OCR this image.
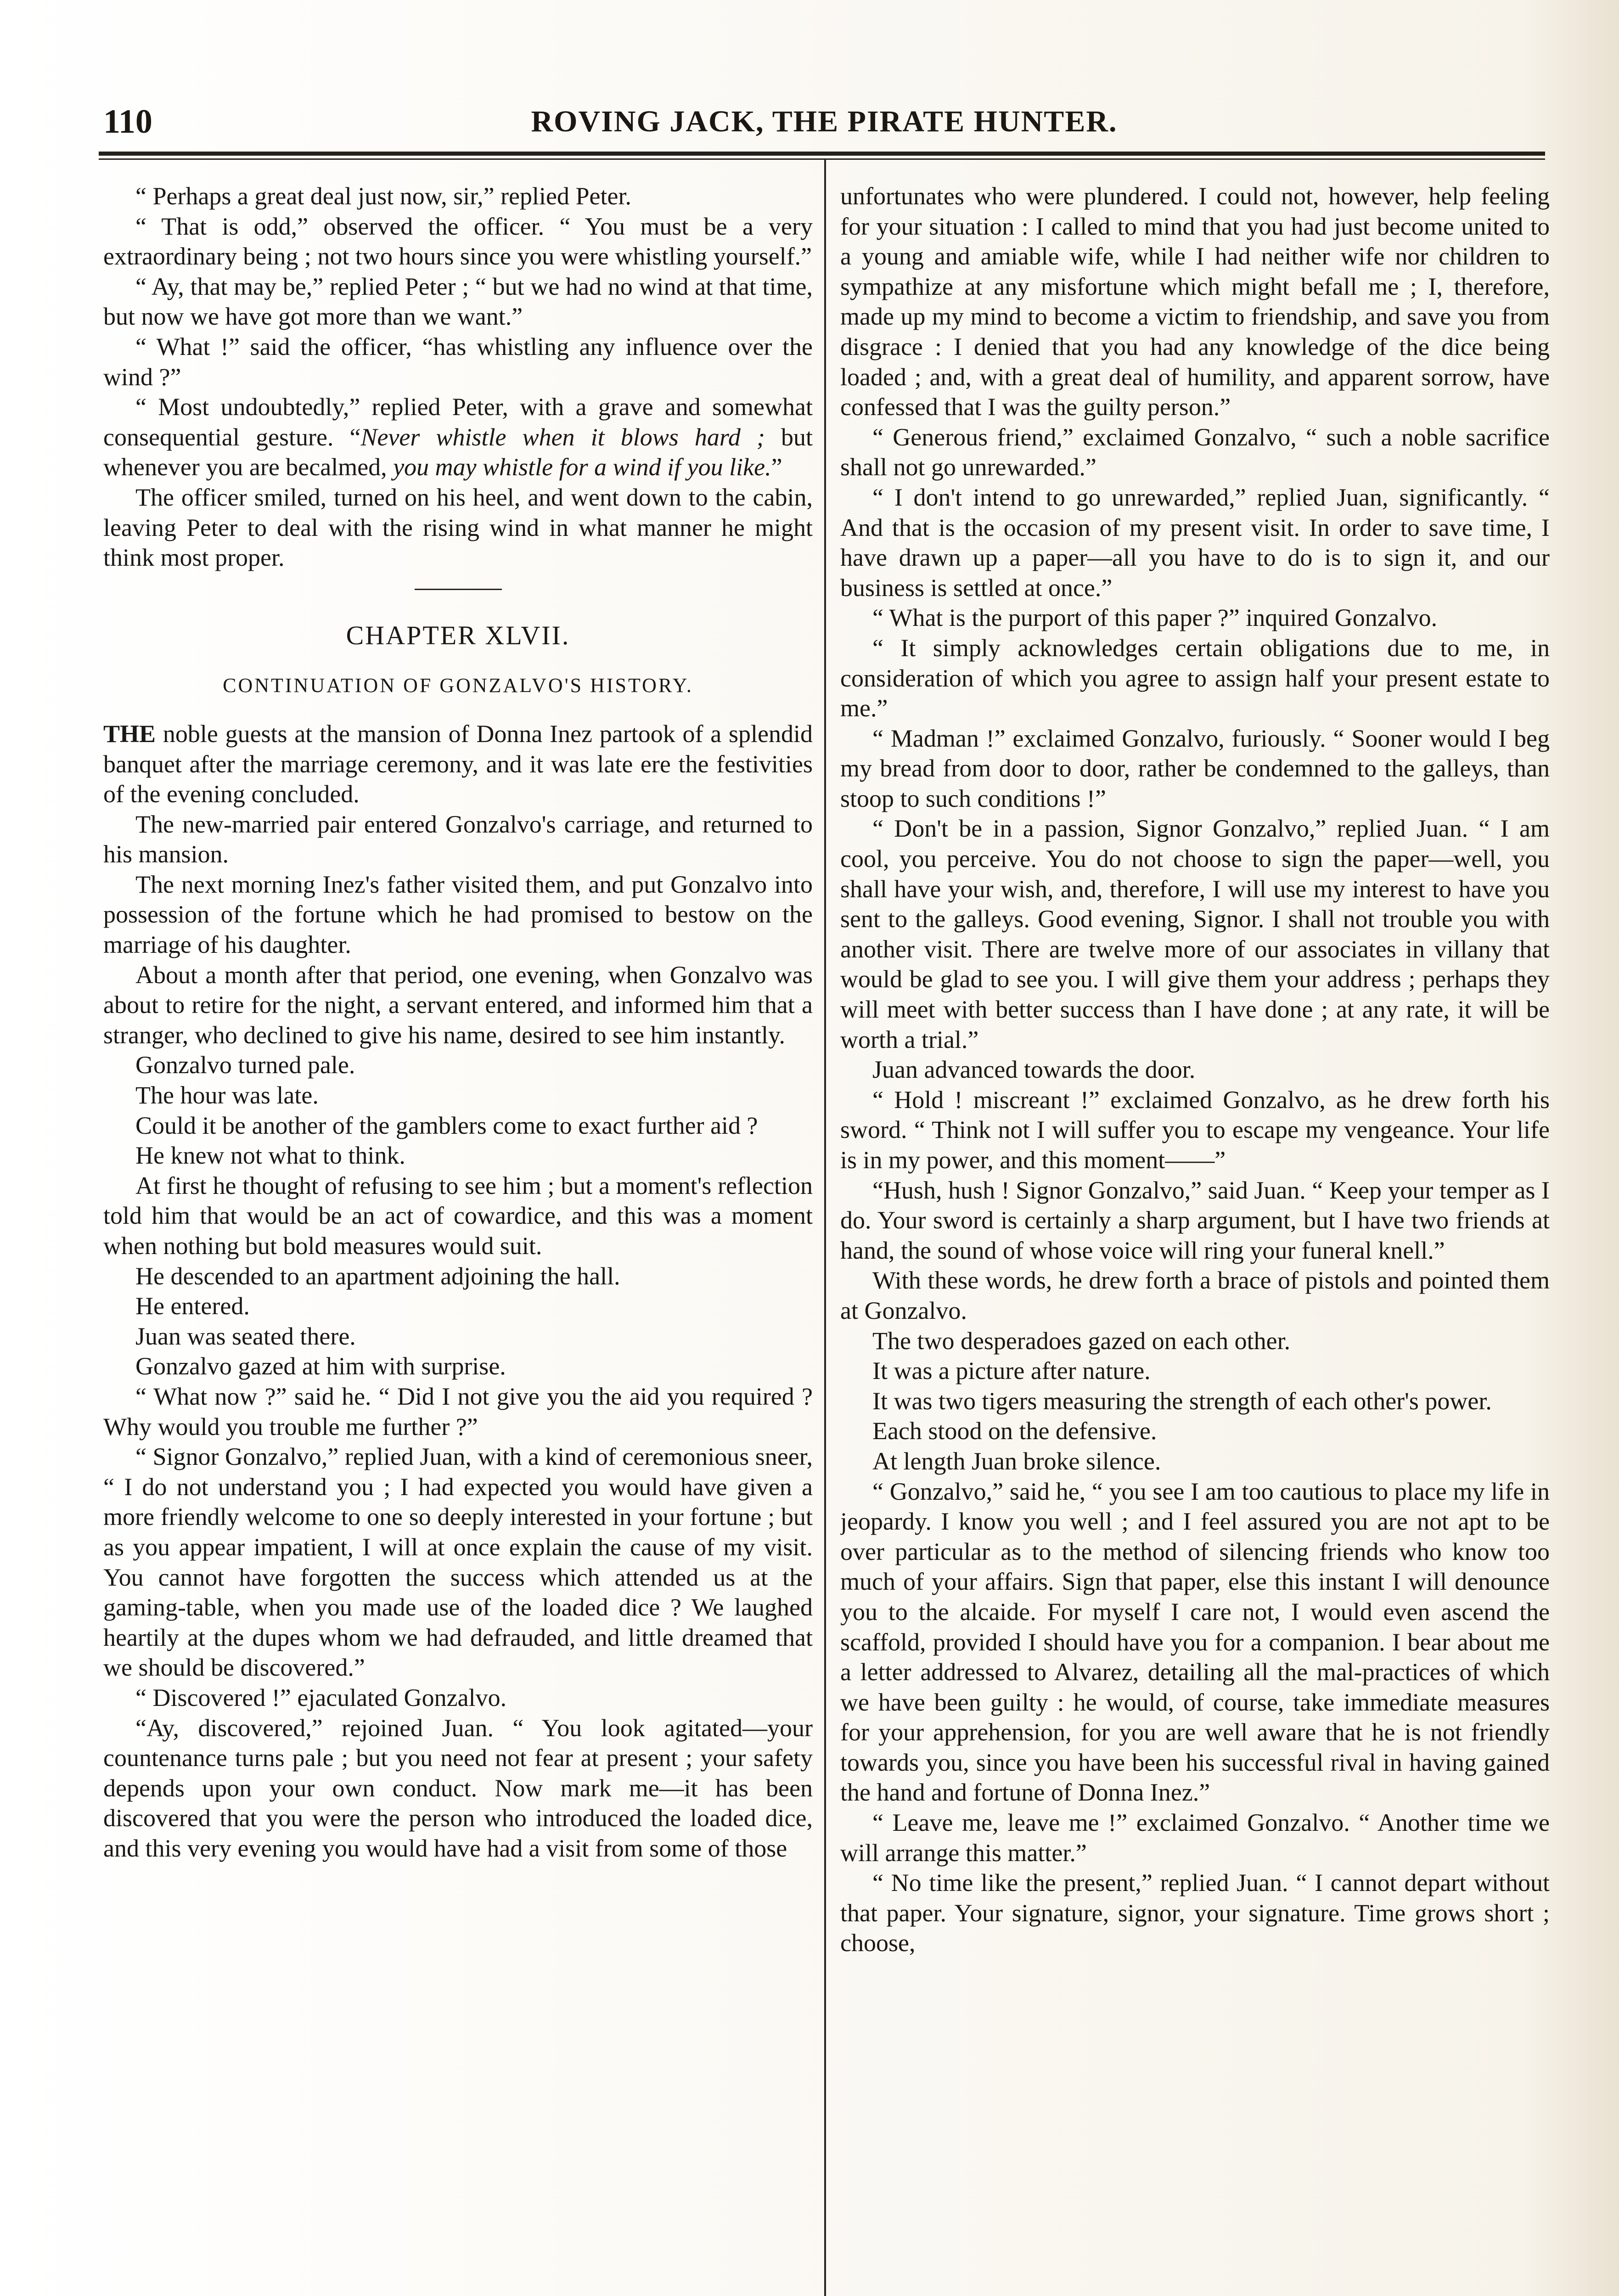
110	ROVING JACK, THE PIRATE HUNTER.

“ Perhaps a great deal just now, sir,” replied Peter.

“ That is odd,” observed the officer. “ You must be a very extraordinary being ; not two hours since you were whistling yourself.”

“ Ay, that may be,” replied Peter ; “ but we had no wind at that time, but now we have got more than we want.”

“ What !” said the officer, “has whistling any influence over the wind ?”

“ Most undoubtedly,” replied Peter, with a grave and somewhat consequential gesture. “Never whistle when it blows hard ; but whenever you are becalmed, you may whistle for a wind if you like.”

The officer smiled, turned on his heel, and went down to the cabin, leaving Peter to deal with the rising wind in what manner he might think most proper.

CHAPTER XLVII.

CONTINUATION OF GONZALVO'S HISTORY.

THE noble guests at the mansion of Donna Inez partook of a splendid banquet after the marriage ceremony, and it was late ere the festivities of the evening concluded.

The new-married pair entered Gonzalvo's carriage, and returned to his mansion.

The next morning Inez's father visited them, and put Gonzalvo into possession of the fortune which he had promised to bestow on the marriage of his daughter.

About a month after that period, one evening, when Gonzalvo was about to retire for the night, a servant entered, and informed him that a stranger, who declined to give his name, desired to see him instantly.

Gonzalvo turned pale.

The hour was late.

Could it be another of the gamblers come to exact further aid ?

He knew not what to think.

At first he thought of refusing to see him ; but a moment's reflection told him that would be an act of cowardice, and this was a moment when nothing but bold measures would suit.

He descended to an apartment adjoining the hall.

He entered.

Juan was seated there.

Gonzalvo gazed at him with surprise.

“ What now ?” said he. “ Did I not give you the aid you required ? Why would you trouble me further ?”

“ Signor Gonzalvo,” replied Juan, with a kind of ceremonious sneer, “ I do not understand you ; I had expected you would have given a more friendly welcome to one so deeply interested in your fortune ; but as you appear impatient, I will at once explain the cause of my visit. You cannot have forgotten the success which attended us at the gaming-table, when you made use of the loaded dice ? We laughed heartily at the dupes whom we had defrauded, and little dreamed that we should be discovered.”

“ Discovered !” ejaculated Gonzalvo.

“Ay, discovered,” rejoined Juan. “ You look agitated—your countenance turns pale ; but you need not fear at present ; your safety depends upon your own conduct. Now mark me—it has been discovered that you were the person who introduced the loaded dice, and this very evening you would have had a visit from some of those

unfortunates who were plundered. I could not, however, help feeling for your situation : I called to mind that you had just become united to a young and amiable wife, while I had neither wife nor children to sympathize at any misfortune which might befall me ; I, therefore, made up my mind to become a victim to friendship, and save you from disgrace : I denied that you had any knowledge of the dice being loaded ; and, with a great deal of humility, and apparent sorrow, have confessed that I was the guilty person.”

“ Generous friend,” exclaimed Gonzalvo, “ such a noble sacrifice shall not go unrewarded.”

“ I don't intend to go unrewarded,” replied Juan, significantly. “ And that is the occasion of my present visit. In order to save time, I have drawn up a paper—all you have to do is to sign it, and our business is settled at once.”

“ What is the purport of this paper ?” inquired Gonzalvo.

“ It simply acknowledges certain obligations due to me, in consideration of which you agree to assign half your present estate to me.”

“ Madman !” exclaimed Gonzalvo, furiously. “ Sooner would I beg my bread from door to door, rather be condemned to the galleys, than stoop to such conditions !”

“ Don't be in a passion, Signor Gonzalvo,” replied Juan. “ I am cool, you perceive. You do not choose to sign the paper—well, you shall have your wish, and, therefore, I will use my interest to have you sent to the galleys. Good evening, Signor. I shall not trouble you with another visit. There are twelve more of our associates in villany that would be glad to see you. I will give them your address ; perhaps they will meet with better success than I have done ; at any rate, it will be worth a trial.”

Juan advanced towards the door.

“ Hold ! miscreant !” exclaimed Gonzalvo, as he drew forth his sword. “ Think not I will suffer you to escape my vengeance. Your life is in my power, and this moment——”

“Hush, hush ! Signor Gonzalvo,” said Juan. “ Keep your temper as I do. Your sword is certainly a sharp argument, but I have two friends at hand, the sound of whose voice will ring your funeral knell.”

With these words, he drew forth a brace of pistols and pointed them at Gonzalvo.

The two desperadoes gazed on each other.

It was a picture after nature.

It was two tigers measuring the strength of each other's power.

Each stood on the defensive.

At length Juan broke silence.

“ Gonzalvo,” said he, “ you see I am too cautious to place my life in jeopardy. I know you well ; and I feel assured you are not apt to be over particular as to the method of silencing friends who know too much of your affairs. Sign that paper, else this instant I will denounce you to the alcaide. For myself I care not, I would even ascend the scaffold, provided I should have you for a companion. I bear about me a letter addressed to Alvarez, detailing all the mal-practices of which we have been guilty : he would, of course, take immediate measures for your apprehension, for you are well aware that he is not friendly towards you, since you have been his successful rival in having gained the hand and fortune of Donna Inez.”

“ Leave me, leave me !” exclaimed Gonzalvo. “ Another time we will arrange this matter.”

“ No time like the present,” replied Juan. “ I cannot depart without that paper. Your signature, signor, your signature. Time grows short ; choose,
